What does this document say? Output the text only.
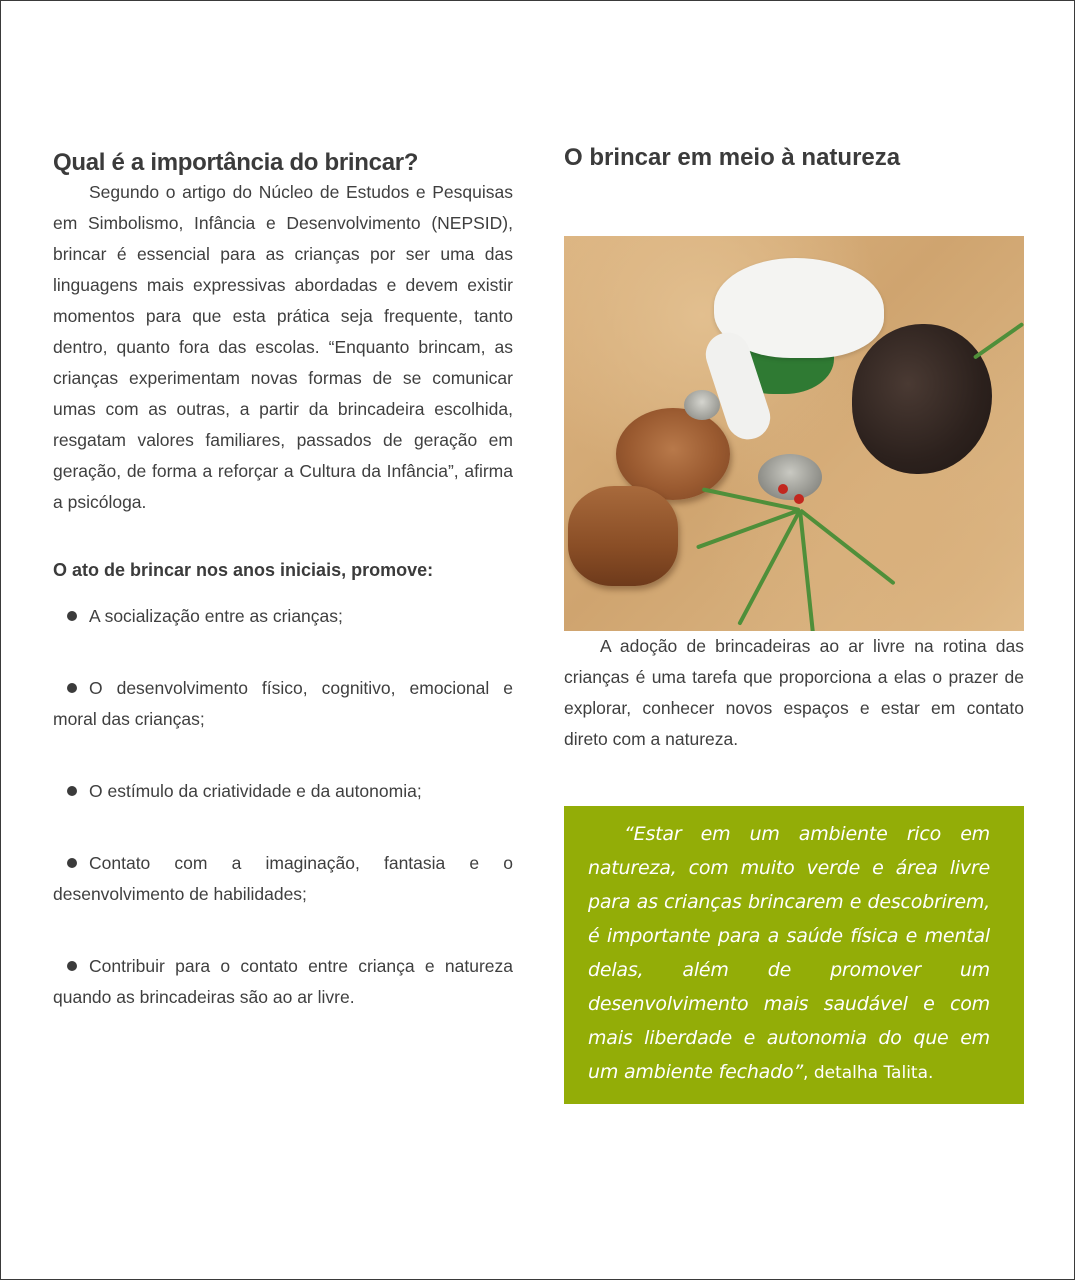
Qual é a importância do brincar?

Segundo o artigo do Núcleo de Estudos e Pesquisas em Simbolismo, Infância e Desenvolvimento (NEPSID), brincar é essencial para as crianças por ser uma das linguagens mais expressivas abordadas e devem existir momentos para que esta prática seja frequente, tanto dentro, quanto fora das escolas. “Enquanto brincam, as crianças experimentam novas formas de se comunicar umas com as outras, a partir da brincadeira escolhida, resgatam valores familiares, passados de geração em geração, de forma a reforçar a Cultura da Infância”, afirma a psicóloga.

O ato de brincar nos anos iniciais, promove:
A socialização entre as crianças;
O desenvolvimento físico, cognitivo, emocional e moral das crianças;
O estímulo da criatividade e da autonomia;
Contato com a imaginação, fantasia e o desenvolvimento de habilidades;
Contribuir para o contato entre criança e natureza quando as brincadeiras são ao ar livre.
O brincar em meio à natureza

A adoção de brincadeiras ao ar livre na rotina das crianças é uma tarefa que proporciona a elas o prazer de explorar, conhecer novos espaços e estar em contato direto com a natureza.

“Estar em um ambiente rico em natureza, com muito verde e área livre para as crianças brincarem e descobrirem, é importante para a saúde física e mental delas, além de promover um desenvolvimento mais saudável e com mais liberdade e autonomia do que em um ambiente fechado”, detalha Talita.
